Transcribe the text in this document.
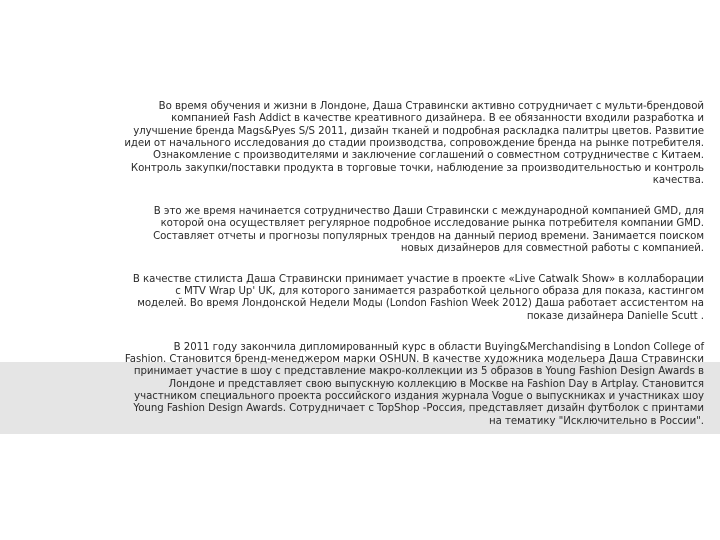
Во время обучения и жизни в Лондоне, Даша Стравински активно сотрудничает с мульти-брендовой
компанией Fash Addict в качестве креативного дизайнера. В ее обязанности входили разработка и
улучшение бренда Mags&Pyes S/S 2011, дизайн тканей и подробная раскладка палитры цветов. Развитие
идеи от начального исследования до стадии производства, сопровождение бренда на рынке потребителя.
Ознакомление с производителями и заключение соглашений о совместном сотрудничестве с Китаем.
Контроль закупки/поставки продукта в торговые точки, наблюдение за производительностью и контроль
качества.

В это же время начинается сотрудничество Даши Стравински с международной компанией GMD, для
которой она осуществляет регулярное подробное исследование рынка потребителя компании GMD.
Составляет отчеты и прогнозы популярных трендов на данный период времени. Занимается поиском
новых дизайнеров для совместной работы с компанией.

В качестве стилиста Даша Стравински принимает участие в проекте «Live Catwalk Show» в коллаборации
с MTV Wrap Up' UK, для которого занимается разработкой цельного образа для показа, кастингом
моделей. Во время Лондонской Недели Моды (London Fashion Week 2012) Даша работает ассистентом на
показе дизайнера Danielle Scutt .

В 2011 году закончила дипломированный курс в области Buying&Merchandising в London College of
Fashion. Становится бренд-менеджером марки OSHUN. В качестве художника модельера Даша Стравински
принимает участие в шоу с представление макро-коллекции из 5 образов в Young Fashion Design Awards в
Лондоне и представляет свою выпускную коллекцию в Москве на Fashion Day в Artplay. Становится
участником специального проекта российского издания журнала Vogue о выпускниках и участниках шоу
Young Fashion Design Awards. Сотрудничает с TopShop -Россия, представляет дизайн футболок с принтами
на тематику "Исключительно в России".
